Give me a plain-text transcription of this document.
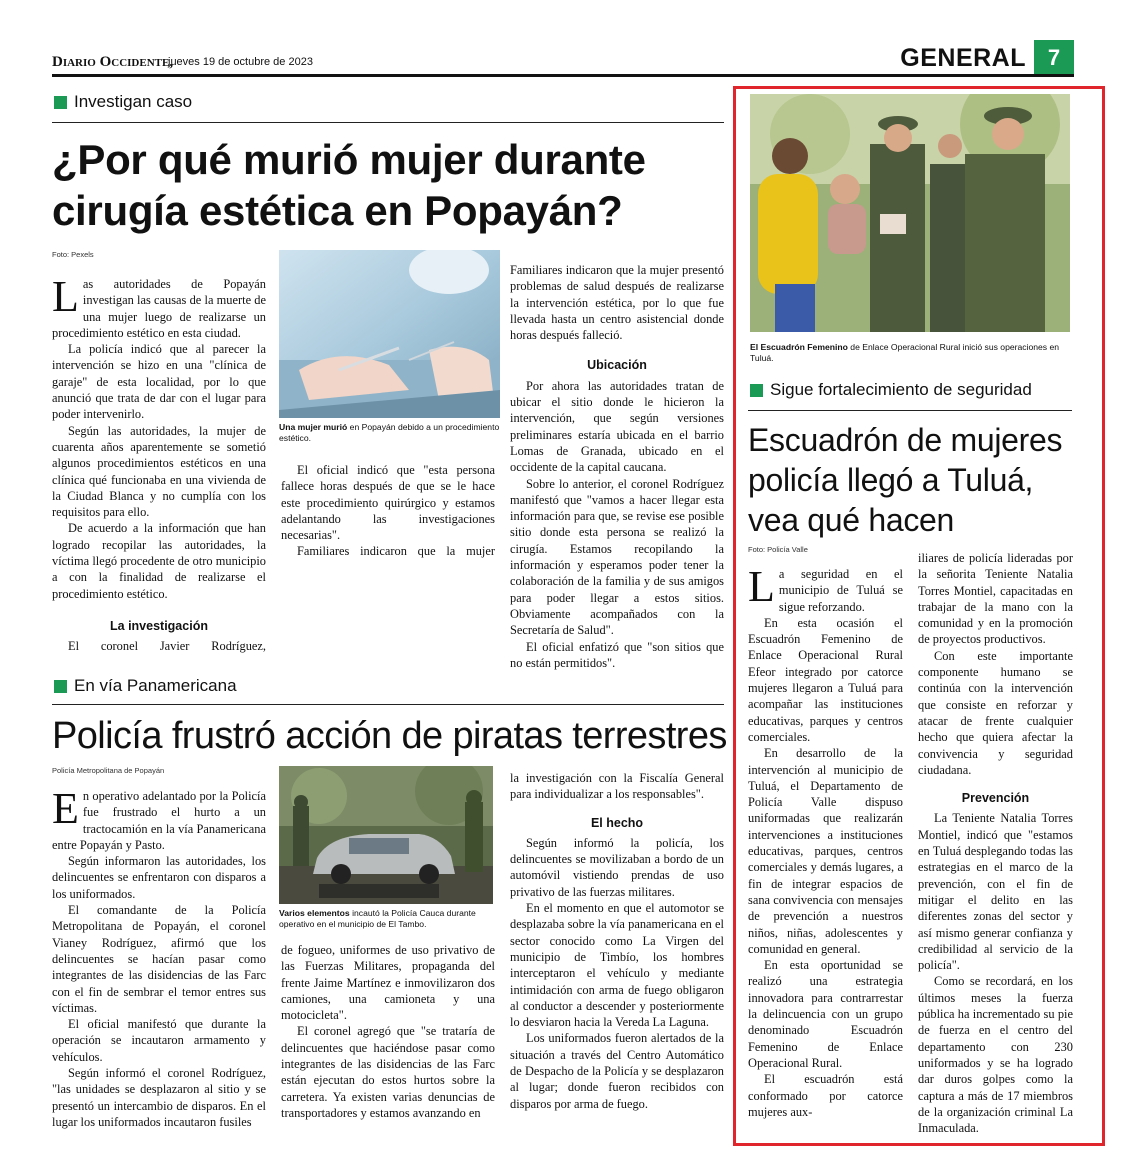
Diario Occidente,
jueves 19 de octubre de 2023	GENERAL 7
Investigan caso
¿Por qué murió mujer durante cirugía estética en Popayán?
Foto: Pexels

Las autoridades de Popayán investigan las causas de la muerte de una mujer luego de realizarse un procedimiento estético en esta ciudad.

La policía indicó que al parecer la intervención se hizo en una "clínica de garaje" de esta localidad, por lo que anunció que trata de dar con el lugar para poder intervenirlo.

Según las autoridades, la mujer de cuarenta años aparentemente se sometió algunos procedimientos estéticos en una clínica qué funcionaba en una vivienda de la Ciudad Blanca y no cumplía con los requisitos para ello.

De acuerdo a la información que han logrado recopilar las autoridades, la víctima llegó procedente de otro municipio a con la finalidad de realizarse el procedimiento estético.

La investigación

El coronel Javier Rodríguez,

Una mujer murió en Popayán debido a un procedimiento estético.

El oficial indicó que "esta persona fallece horas después de que se le hace este procedimiento quirúrgico y estamos adelantando las investigaciones necesarias".

Familiares indicaron que la mujer

Familiares indicaron que la mujer presentó problemas de salud después de realizarse la intervención estética, por lo que fue llevada hasta un centro asistencial donde horas después falleció.

Ubicación

Por ahora las autoridades tratan de ubicar el sitio donde le hicieron la intervención, que según versiones preliminares estaría ubicada en el barrio Lomas de Granada, ubicado en el occidente de la capital caucana.

Sobre lo anterior, el coronel Rodríguez manifestó que "vamos a hacer llegar esta información para que, se revise ese posible sitio donde esta persona se realizó la cirugía. Estamos recopilando la información y esperamos poder tener la colaboración de la familia y de sus amigos para poder llegar a estos sitios. Obviamente acompañados con la Secretaría de Salud".

El oficial enfatizó que "son sitios que no están permitidos".

En vía Panamericana
Policía frustró acción de piratas terrestres
Policía Metropolitana de Popayán

En operativo adelantado por la Policía fue frustrado el hurto a un tractocamión en la vía Panamericana entre Popayán y Pasto.

Según informaron las autoridades, los delincuentes se enfrentaron con disparos a los uniformados.

El comandante de la Policía Metropolitana de Popayán, el coronel Vianey Rodríguez, afirmó que los delincuentes se hacían pasar como integrantes de las disidencias de las Farc con el fin de sembrar el temor entres sus víctimas.

El oficial manifestó que durante la operación se incautaron armamento y vehículos.

Según informó el coronel Rodríguez, "las unidades se desplazaron al sitio y se presentó un intercambio de disparos. En el lugar los uniformados incautaron fusiles

Varios elementos incautó la Policía Cauca durante operativo en el municipio de El Tambo.

de fogueo, uniformes de uso privativo de las Fuerzas Militares, propaganda del frente Jaime Martínez e inmovilizaron dos camiones, una camioneta y una motocicleta".

El coronel agregó que "se trataría de delincuentes que haciéndose pasar como integrantes de las disidencias de las Farc están ejecutan do estos hurtos sobre la carretera. Ya existen varias denuncias de transportadores y estamos avanzando en

la investigación con la Fiscalía General para individualizar a los responsables".

El hecho

Según informó la policía, los delincuentes se movilizaban a bordo de un automóvil vistiendo prendas de uso privativo de las fuerzas militares.

En el momento en que el automotor se desplazaba sobre la vía panamericana en el sector conocido como La Virgen del municipio de Timbío, los hombres interceptaron el vehículo y mediante intimidación con arma de fuego obligaron al conductor a descender y posteriormente lo desviaron hacia la Vereda La Laguna.

Los uniformados fueron alertados de la situación a través del Centro Automático de Despacho de la Policía y se desplazaron al lugar; donde fueron recibidos con disparos por arma de fuego.

El Escuadrón Femenino de Enlace Operacional Rural inició sus operaciones en Tuluá.
Sigue fortalecimiento de seguridad
Escuadrón de mujeres policía llegó a Tuluá, vea qué hacen
Foto: Policía Valle

La seguridad en el municipio de Tuluá se sigue reforzando.

En esta ocasión el Escuadrón Femenino de Enlace Operacional Rural Efeor integrado por catorce mujeres llegaron a Tuluá para acompañar las instituciones educativas, parques y centros comerciales.

En desarrollo de la intervención al municipio de Tuluá, el Departamento de Policía Valle dispuso uniformadas que realizarán intervenciones a instituciones educativas, parques, centros comerciales y demás lugares, a fin de integrar espacios de sana convivencia con mensajes de prevención a nuestros niños, niñas, adolescentes y comunidad en general.

En esta oportunidad se realizó una estrategia innovadora para contrarrestar la delincuencia con un grupo denominado Escuadrón Femenino de Enlace Operacional Rural.

El escuadrón está conformado por catorce mujeres aux-

iliares de policía lideradas por la señorita Teniente Natalia Torres Montiel, capacitadas en trabajar de la mano con la comunidad y en la promoción de proyectos productivos.

Con este importante componente humano se continúa con la intervención que consiste en reforzar y atacar de frente cualquier hecho que quiera afectar la convivencia y seguridad ciudadana.

Prevención

La Teniente Natalia Torres Montiel, indicó que "estamos en Tuluá desplegando todas las estrategias en el marco de la prevención, con el fin de mitigar el delito en las diferentes zonas del sector y así mismo generar confianza y credibilidad al servicio de la policía".

Como se recordará, en los últimos meses la fuerza pública ha incrementado su pie de fuerza en el centro del departamento con 230 uniformados y se ha logrado dar duros golpes como la captura a más de 17 miembros de la organización criminal La Inmaculada.
